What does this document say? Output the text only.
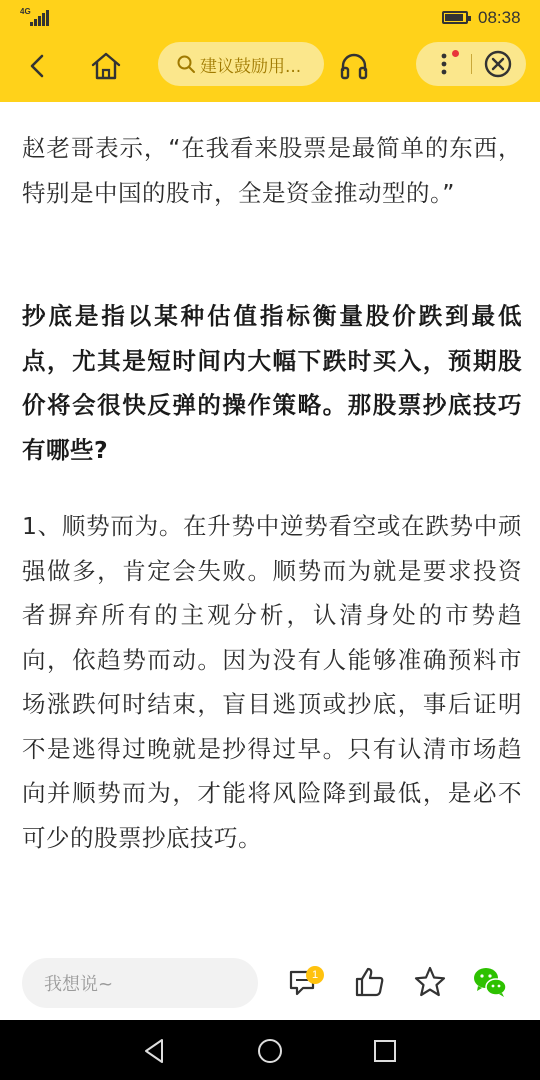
4G	08:38
建议鼓励用...

赵老哥表示，“在我看来股票是最简单的东西，特别是中国的股市，全是资金推动型的。”

抄底是指以某种估值指标衡量股价跌到最低点，尤其是短时间内大幅下跌时买入，预期股价将会很快反弹的操作策略。那股票抄底技巧有哪些?

1、顺势而为。在升势中逆势看空或在跌势中顽强做多，肯定会失败。顺势而为就是要求投资者摒弃所有的主观分析，认清身处的市势趋向，依趋势而动。因为没有人能够准确预料市场涨跌何时结束，盲目逃顶或抄底，事后证明不是逃得过晚就是抄得过早。只有认清市场趋向并顺势而为，才能将风险降到最低，是必不可少的股票抄底技巧。

我想说~	1
